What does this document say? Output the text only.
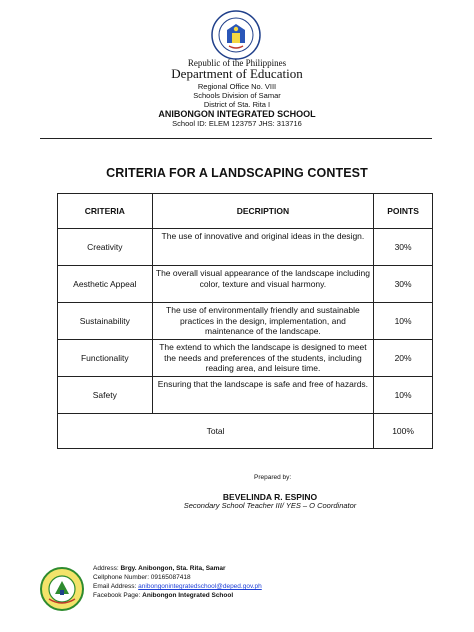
Republic of the Philippines
Department of Education
Regional Office No. VIII
Schools Division of Samar
District of Sta. Rita I
ANIBONGON INTEGRATED SCHOOL
School ID: ELEM 123757 JHS: 313716
CRITERIA FOR A LANDSCAPING CONTEST
CRITERIA	DECRIPTION	POINTS
Creativity	The use of innovative and original ideas in the design.	30%
Aesthetic Appeal	The overall visual appearance of the landscape including color, texture and visual harmony.	30%
Sustainability	The use of environmentally friendly and sustainable practices in the design, implementation, and maintenance of the landscape.	10%
Functionality	The extend to which the landscape is designed to meet the needs and preferences of the students, including reading area, and leisure time.	20%
Safety	Ensuring that the landscape is safe and free of hazards.	10%
Total		100%
Prepared by:
BEVELINDA R. ESPINO
Secondary School Teacher III/ YES – O Coordinator
Address: Brgy. Anibongon, Sta. Rita, Samar
Cellphone Number: 09165087418
Email Address: anibongonintegratedschool@deped.gov.ph
Facebook Page: Anibongon Integrated School
